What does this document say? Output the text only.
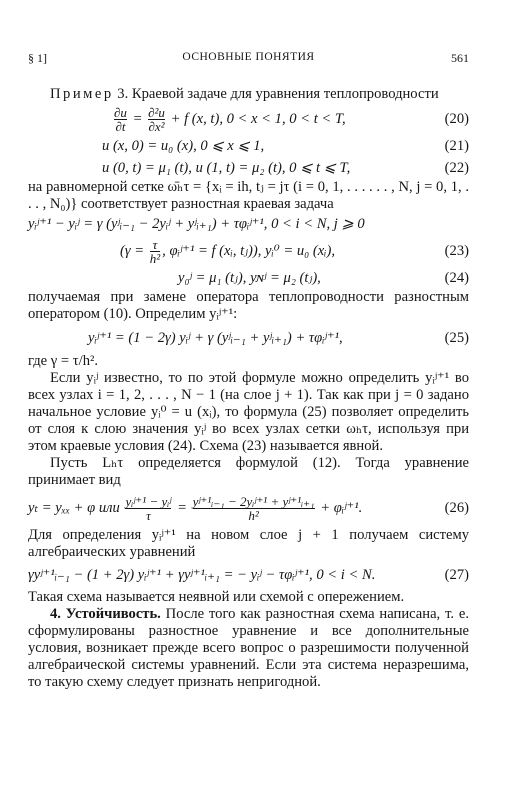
§ 1]	ОСНОВНЫЕ ПОНЯТИЯ	561

Пример 3. Краевой задаче для уравнения теплопроводности

$\frac{\partial u}{\partial t} = \frac{\text{∂²u}}{\text{∂x²}} + f$ (x, t), 0 < x < 1, 0 < t < T,	(20)
u (x, 0) = u₀ (x), 0 ⩽ x ⩽ 1,	(21)
u (0, t) = μ₁ (t), u (1, t) = μ₂ (t), 0 ⩽ t ⩽ T,	(22)

на равномерной сетке ω̄ₕτ = {xᵢ = ih, tⱼ = jτ (i = 0, 1, . . . . . . , N, j = 0, 1, . . . , N₀)} соответствует разностная краевая задача

yᵢʲ⁺¹ − yᵢʲ = γ (yʲᵢ₋₁ − 2yᵢʲ + yʲᵢ₊₁) + τφᵢʲ⁺¹, 0 < i < N, j ⩾ 0
($\gamma = \frac{\tau}{\text{h²}}$ , φᵢʲ⁺¹ = f (xᵢ, tⱼ)), yᵢ⁰ = u₀ (xᵢ),	(23)
y₀ʲ = μ₁ (tⱼ), yɴʲ = μ₂ (tⱼ),	(24)

получаемая при замене оператора теплопроводности разностным оператором (10). Определим yᵢʲ⁺¹:

yᵢʲ⁺¹ = (1 − 2γ) yᵢʲ + γ (yʲᵢ₋₁ + yʲᵢ₊₁) + τφᵢʲ⁺¹,	(25)

где γ = τ/h².

Если yᵢʲ известно, то по этой формуле можно определить yᵢʲ⁺¹ во всех узлах i = 1, 2, . . . , N − 1 (на слое j + 1). Так как при j = 0 задано начальное условие yᵢ⁰ = u (xᵢ), то формула (25) позволяет определить от слоя к слою значения yᵢʲ во всех узлах сетки ωₕτ, используя при этом краевые условия (24). Схема (23) называется явной.

Пусть Lₕτ определяется формулой (12). Тогда уравнение принимает вид

yₜ = yₓₓ + φ или $\frac{\text{yᵢʲ⁺¹ − yᵢʲ}}{\tau} = \frac{\text{yʲ⁺¹ᵢ₋₁ − 2yᵢʲ⁺¹ + yʲ⁺¹ᵢ₊₁}}{\text{h²}}$ + φᵢʲ⁺¹.	(26)

Для определения yᵢʲ⁺¹ на новом слое j + 1 получаем систему алгебраических уравнений

γyʲ⁺¹ᵢ₋₁ − (1 + 2γ) yᵢʲ⁺¹ + γyʲ⁺¹ᵢ₊₁ = − yᵢʲ − τφᵢʲ⁺¹, 0 < i < N.	(27)

Такая схема называется неявной или схемой с опережением.

4. Устойчивость. После того как разностная схема написана, т. е. сформулированы разностное уравнение и все дополнительные условия, возникает прежде всего вопрос о разрешимости полученной алгебраической системы уравнений. Если эта система неразрешима, то такую схему следует признать непригодной.
